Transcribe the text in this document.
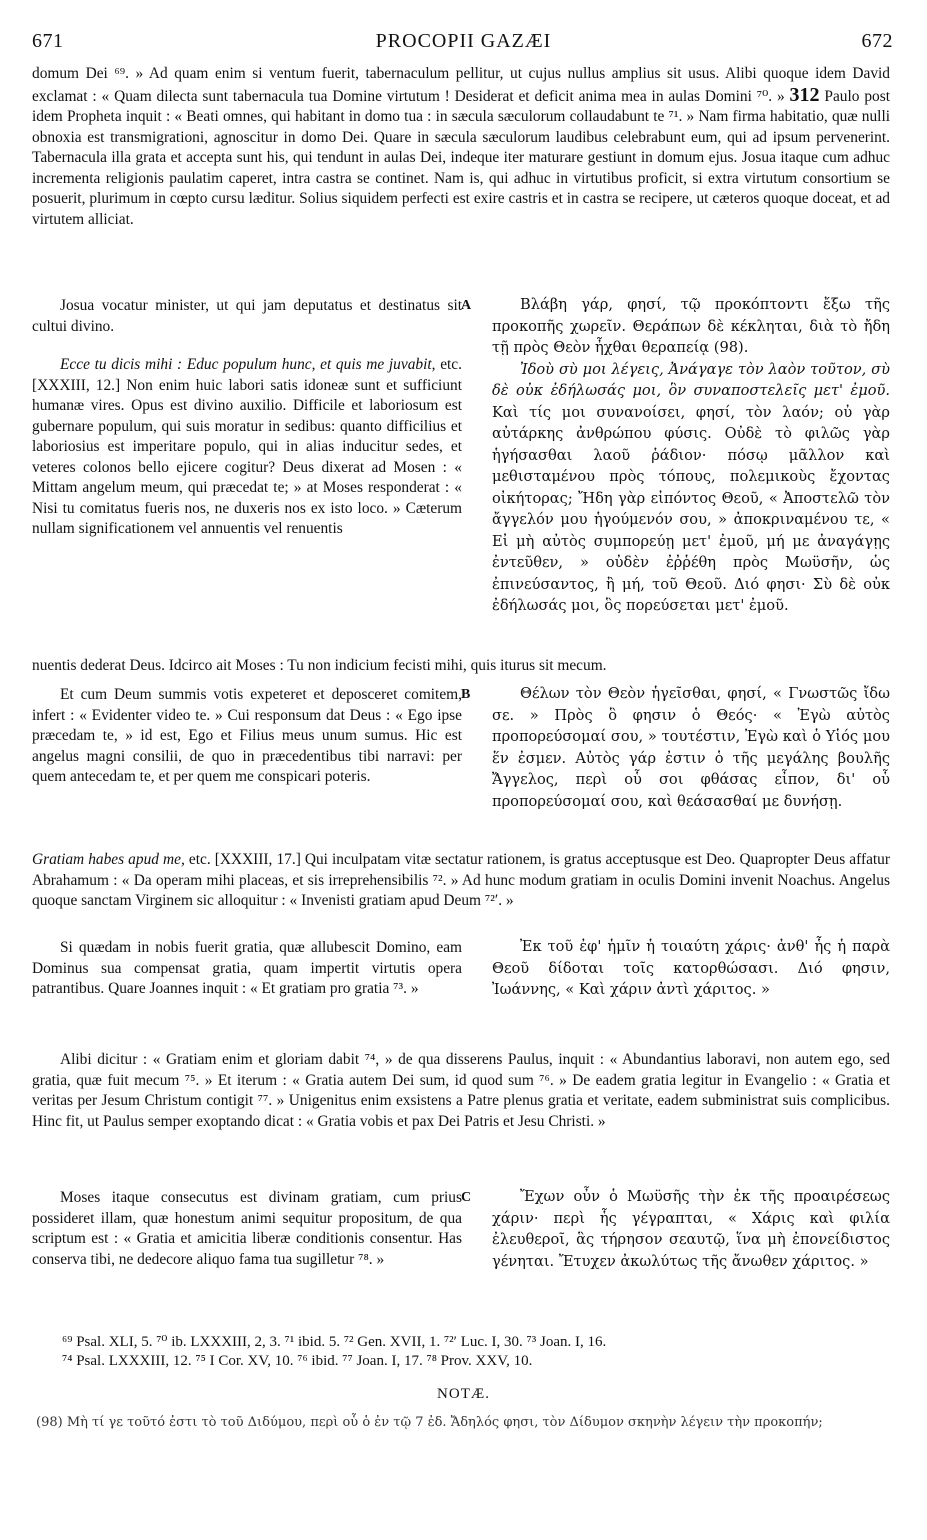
671	PROCOPII GAZÆI	672
domum Dei ⁶⁹. » Ad quam enim si ventum fuerit, tabernaculum pellitur, ut cujus nullus amplius sit usus. Alibi quoque idem David exclamat : « Quam dilecta sunt tabernacula tua Domine virtutum ! Desiderat et deficit anima mea in aulas Domini ⁷⁰. » 312 Paulo post idem Propheta inquit : « Beati omnes, qui habitant in domo tua : in sæcula sæculorum collaudabunt te ⁷¹. » Nam firma habitatio, quæ nulli obnoxia est transmigrationi, agnoscitur in domo Dei. Quare in sæcula sæculorum laudibus celebrabunt eum, qui ad ipsum pervenerint. Tabernacula illa grata et accepta sunt his, qui tendunt in aulas Dei, indeque iter maturare gestiunt in domum ejus. Josua itaque cum adhuc incrementa religionis paulatim caperet, intra castra se continet. Nam is, qui adhuc in virtutibus proficit, si extra virtutum consortium se posuerit, plurimum in cœpto cursu læditur. Solius siquidem perfecti est exire castris et in castra se recipere, ut cæteros quoque doceat, et ad virtutem alliciat.

Josua vocatur minister, ut qui jam deputatus et destinatus sit cultui divino.

Ecce tu dicis mihi : Educ populum hunc, et quis me juvabit, etc. [XXXIII, 12.] Non enim huic labori satis idoneæ sunt et sufficiunt humanæ vires. Opus est divino auxilio. Difficile et laboriosum est gubernare populum, qui suis moratur in sedibus: quanto difficilius et laboriosius est imperitare populo, qui in alias inducitur sedes, et veteres colonos bello ejicere cogitur? Deus dixerat ad Mosen : « Mittam angelum meum, qui præcedat te; » at Moses responderat : « Nisi tu comitatus fueris nos, ne duxeris nos ex isto loco. » Cæterum nullam significationem vel annuentis vel renuentis

A	Βλάβη γάρ, φησί, τῷ προκόπτοντι ἔξω τῆς προκοπῆς χωρεῖν. Θεράπων δὲ κέκληται, διὰ τὸ ἤδη τῇ πρὸς Θεὸν ἦχθαι θεραπείᾳ (98).

Ἰδοὺ σὺ μοι λέγεις, Ἀνάγαγε τὸν λαὸν τοῦτον, σὺ δὲ οὐκ ἐδήλωσάς μοι, ὃν συναποστελεῖς μετ' ἐμοῦ. Καὶ τίς μοι συνανοίσει, φησί, τὸν λαόν; οὐ γὰρ αὐτάρκης ἀνθρώπου φύσις. Οὐδὲ τὸ φιλῶς γὰρ ἡγήσασθαι λαοῦ ῥάδιον· πόσῳ μᾶλλον καὶ μεθισταμένου πρὸς τόπους, πολεμικοὺς ἔχοντας οἰκήτορας; Ἤδη γὰρ εἰπόντος Θεοῦ, « Ἀποστελῶ τὸν ἄγγελόν μου ἡγούμενόν σου, » ἀποκριναμένου τε, « Εἰ μὴ αὐτὸς συμπορεύῃ μετ' ἐμοῦ, μή με ἀναγάγῃς ἐντεῦθεν, » οὐδὲν ἐῤῥέθη πρὸς Μωϋσῆν, ὡς ἐπινεύσαντος, ἢ μή, τοῦ Θεοῦ. Διό φησι· Σὺ δὲ οὐκ ἐδήλωσάς μοι, ὃς πορεύσεται μετ' ἐμοῦ.

nuentis dederat Deus. Idcirco ait Moses : Tu non indicium fecisti mihi, quis iturus sit mecum.

Et cum Deum summis votis expeteret et deposceret comitem, infert : « Evidenter video te. » Cui responsum dat Deus : « Ego ipse præcedam te, » id est, Ego et Filius meus unum sumus. Hic est angelus magni consilii, de quo in præcedentibus tibi narravi: per quem antecedam te, et per quem me conspicari poteris.

B	Θέλων τὸν Θεὸν ἡγεῖσθαι, φησί, « Γνωστῶς ἴδω σε. » Πρὸς ὃ φησιν ὁ Θεός· « Ἐγὼ αὐτὸς προπορεύσομαί σου, » τουτέστιν, Ἐγὼ καὶ ὁ Υἱός μου ἕν ἐσμεν. Αὐτὸς γάρ ἐστιν ὁ τῆς μεγάλης βουλῆς Ἄγγελος, περὶ οὗ σοι φθάσας εἶπον, δι' οὗ προπορεύσομαί σου, καὶ θεάσασθαί με δυνήσῃ.

Gratiam habes apud me, etc. [XXXIII, 17.] Qui inculpatam vitæ sectatur rationem, is gratus acceptusque est Deo. Quapropter Deus affatur Abrahamum : « Da operam mihi placeas, et sis irreprehensibilis ⁷². » Ad hunc modum gratiam in oculis Domini invenit Noachus. Angelus quoque sanctam Virginem sic alloquitur : « Invenisti gratiam apud Deum ⁷²′. »

Si quædam in nobis fuerit gratia, quæ allubescit Domino, eam Dominus sua compensat gratia, quam impertit virtutis opera patrantibus. Quare Joannes inquit : « Et gratiam pro gratia ⁷³. »

Ἐκ τοῦ ἐφ' ἡμῖν ἡ τοιαύτη χάρις· ἀνθ' ἧς ἡ παρὰ Θεοῦ δίδοται τοῖς κατορθώσασι. Διό φησιν, Ἰωάννης, « Καὶ χάριν ἀντὶ χάριτος. »

Alibi dicitur : « Gratiam enim et gloriam dabit ⁷⁴, » de qua disserens Paulus, inquit : « Abundantius laboravi, non autem ego, sed gratia, quæ fuit mecum ⁷⁵. » Et iterum : « Gratia autem Dei sum, id quod sum ⁷⁶. » De eadem gratia legitur in Evangelio : « Gratia et veritas per Jesum Christum contigit ⁷⁷. » Unigenitus enim exsistens a Patre plenus gratia et veritate, eadem subministrat suis complicibus. Hinc fit, ut Paulus semper exoptando dicat : « Gratia vobis et pax Dei Patris et Jesu Christi. »

Moses itaque consecutus est divinam gratiam, cum prius possideret illam, quæ honestum animi sequitur propositum, de qua scriptum est : « Gratia et amicitia liberæ conditionis consentur. Has conserva tibi, ne dedecore aliquo fama tua sugilletur ⁷⁸. »

C	Ἔχων οὖν ὁ Μωϋσῆς τὴν ἐκ τῆς προαιρέσεως χάριν· περὶ ἧς γέγραπται, « Χάρις καὶ φιλία ἐλευθεροῖ, ἃς τήρησον σεαυτῷ, ἵνα μὴ ἐπονείδιστος γένηται. Ἔτυχεν ἀκωλύτως τῆς ἄνωθεν χάριτος. »

⁶⁹ Psal. XLI, 5. ⁷⁰ ib. LXXXIII, 2, 3. ⁷¹ ibid. 5. ⁷² Gen. XVII, 1. ⁷²′ Luc. I, 30. ⁷³ Joan. I, 16.
⁷⁴ Psal. LXXXIII, 12. ⁷⁵ I Cor. XV, 10. ⁷⁶ ibid. ⁷⁷ Joan. I, 17. ⁷⁸ Prov. XXV, 10.
NOTÆ.
(98) Μὴ τί γε τοῦτό ἐστι τὸ τοῦ Διδύμου, περὶ οὗ ὁ ἐν τῷ 7 ἐδ. Ἄδηλός φησι, τὸν Δίδυμον σκηνὴν λέγειν τὴν προκοπήν;
